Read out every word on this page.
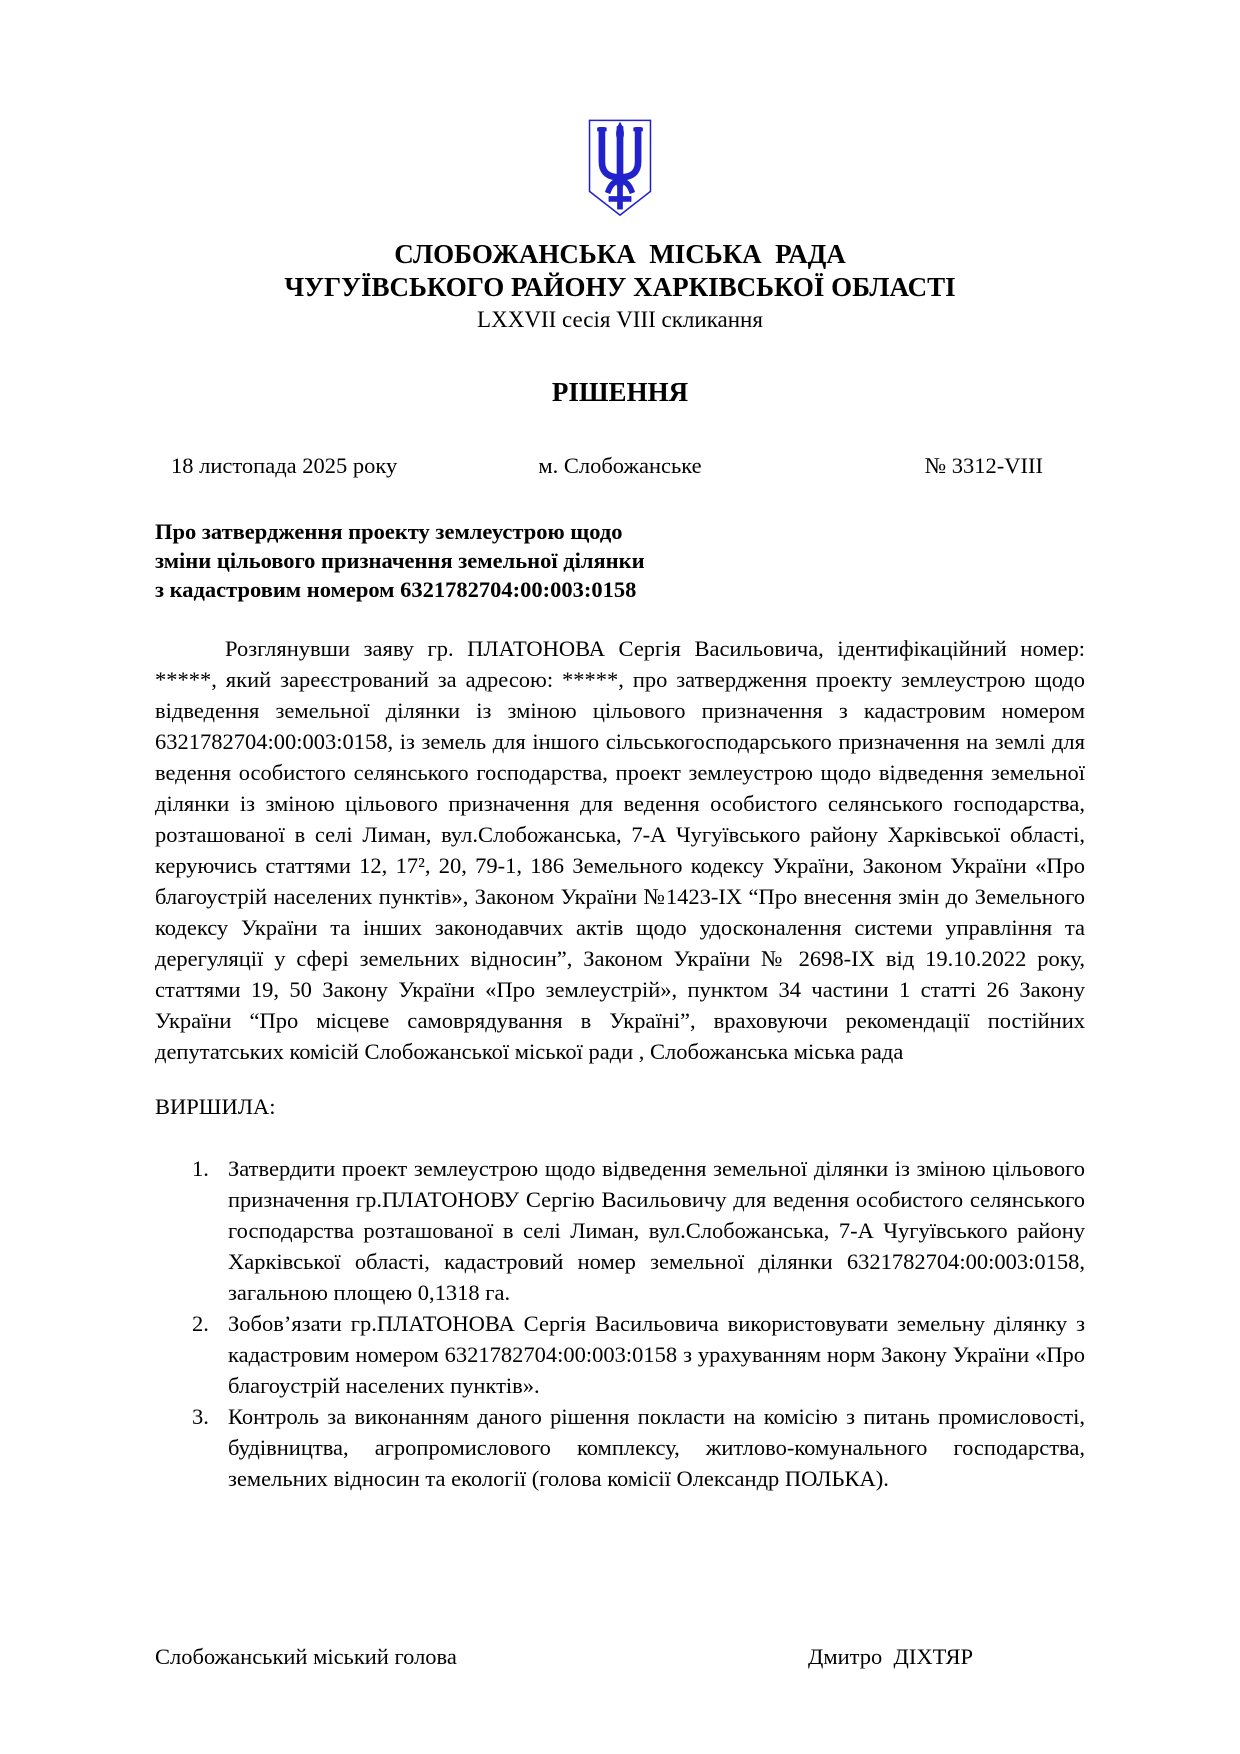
СЛОБОЖАНСЬКА  МІСЬКА  РАДА
ЧУГУЇВСЬКОГО РАЙОНУ ХАРКІВСЬКОЇ ОБЛАСТІ
LXXVII сесія VIII скликання
РІШЕННЯ
18 листопада 2025 року	м. Слобожанське	№ 3312-VIII
Про затвердження проекту землеустрою щодо
зміни цільового призначення земельної ділянки
з кадастровим номером 6321782704:00:003:0158

Розглянувши заяву гр. ПЛАТОНОВА Сергія Васильовича, ідентифікаційний номер: *****, який зареєстрований за адресою: *****, про затвердження проекту землеустрою щодо відведення земельної ділянки із зміною цільового призначення з кадастровим номером 6321782704:00:003:0158, із земель для іншого сільськогосподарського призначення на землі для ведення особистого селянського господарства, проект землеустрою щодо відведення земельної ділянки із зміною цільового призначення для ведення особистого селянського господарства, розташованої в селі Лиман, вул.Слобожанська, 7-А Чугуївського району Харківської області, керуючись статтями 12, 17², 20, 79-1, 186 Земельного кодексу України, Законом України «Про благоустрій населених пунктів», Законом України №1423-IX “Про внесення змін до Земельного кодексу України та інших законодавчих актів щодо удосконалення системи управління та дерегуляції у сфері земельних відносин”, Законом України № 2698-IX від 19.10.2022 року, статтями 19, 50 Закону України «Про землеустрій», пунктом 34 частини 1 статті 26 Закону України “Про місцеве самоврядування в Україні”, враховуючи рекомендації постійних депутатських комісій Слобожанської міської ради , Слобожанська міська рада

ВИРШИЛА:
1. Затвердити проект землеустрою щодо відведення земельної ділянки із зміною цільового призначення гр.ПЛАТОНОВУ Сергію Васильовичу для ведення особистого селянського господарства розташованої в селі Лиман, вул.Слобожанська, 7-А Чугуївського району Харківської області, кадастровий номер земельної ділянки 6321782704:00:003:0158, загальною площею 0,1318 га.
2. Зобов’язати гр.ПЛАТОНОВА Сергія Васильовича використовувати земельну ділянку з кадастровим номером 6321782704:00:003:0158 з урахуванням норм Закону України «Про благоустрій населених пунктів».
3. Контроль за виконанням даного рішення покласти на комісію з питань промисловості, будівництва, агропромислового комплексу, житлово-комунального господарства, земельних відносин та екології (голова комісії Олександр ПОЛЬКА).
Слобожанський міський голова	Дмитро  ДІХТЯР
